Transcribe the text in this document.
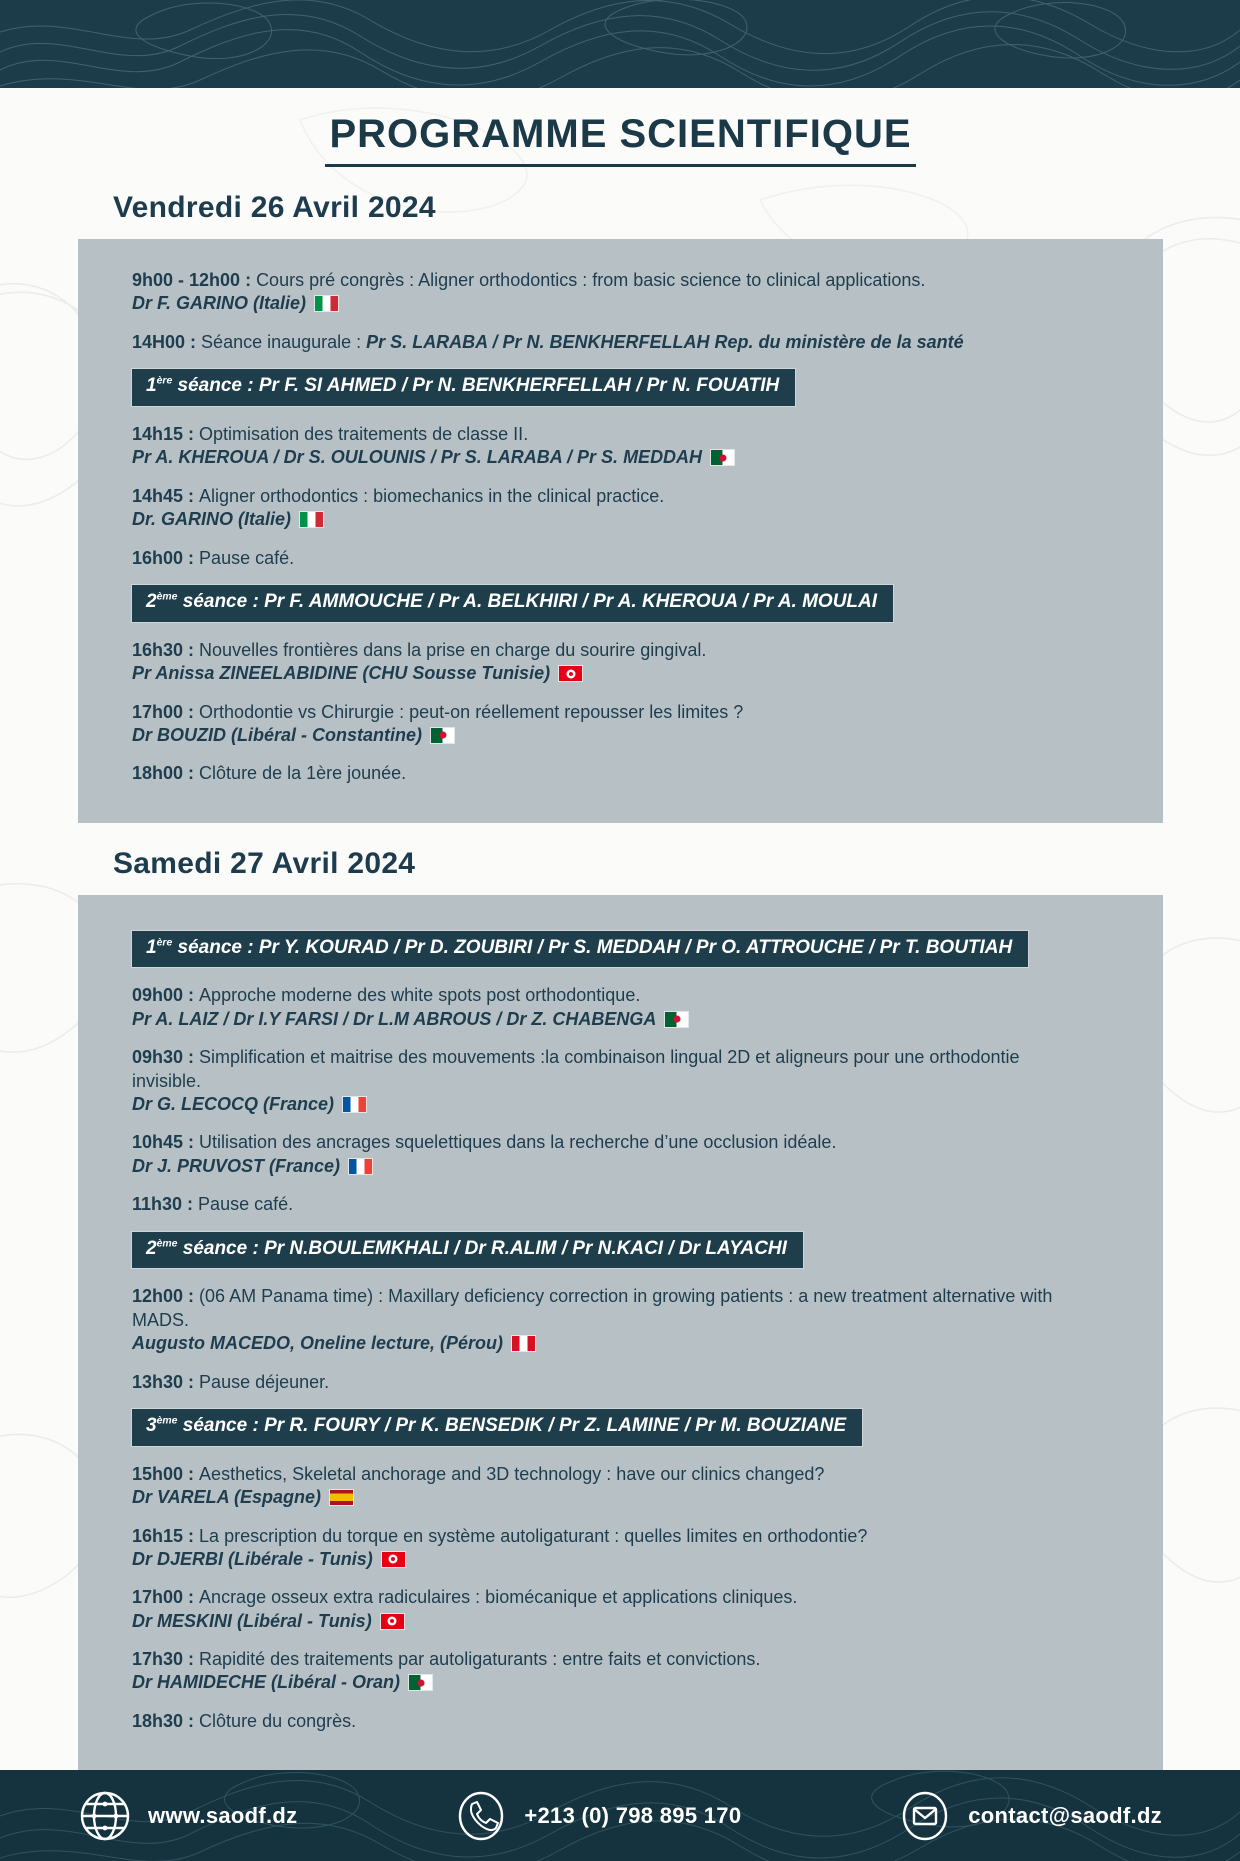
PROGRAMME SCIENTIFIQUE
Vendredi 26 Avril 2024

9h00 - 12h00 : Cours pré congrès : Aligner orthodontics : from basic science to clinical applications.

Dr F. GARINO (Italie)

14H00 : Séance inaugurale : Pr S. LARABA / Pr N. BENKHERFELLAH Rep. du ministère de la santé

1ère séance : Pr F. SI AHMED / Pr N. BENKHERFELLAH / Pr N. FOUATIH

14h15 : Optimisation des traitements de classe II.

Pr A. KHEROUA / Dr S. OULOUNIS / Pr S. LARABA / Pr S. MEDDAH

14h45 : Aligner orthodontics : biomechanics in the clinical practice.

Dr. GARINO (Italie)

16h00 : Pause café.

2ème séance : Pr F. AMMOUCHE / Pr A. BELKHIRI / Pr A. KHEROUA / Pr A. MOULAI

16h30 : Nouvelles frontières dans la prise en charge du sourire gingival.

Pr Anissa ZINEELABIDINE (CHU Sousse Tunisie)

17h00 : Orthodontie vs Chirurgie : peut-on réellement repousser les limites ?

Dr BOUZID (Libéral - Constantine)

18h00 : Clôture de la 1ère jounée.

Samedi 27 Avril 2024
1ère séance : Pr Y. KOURAD / Pr D. ZOUBIRI / Pr S. MEDDAH / Pr O. ATTROUCHE / Pr T. BOUTIAH

09h00 : Approche moderne des white spots post orthodontique.

Pr A. LAIZ / Dr I.Y FARSI / Dr L.M ABROUS / Dr Z. CHABENGA

09h30 : Simplification et maitrise des mouvements :la combinaison lingual 2D et aligneurs pour une orthodontie invisible.

Dr G. LECOCQ (France)

10h45 : Utilisation des ancrages squelettiques dans la recherche d’une occlusion idéale.

Dr J. PRUVOST (France)

11h30 : Pause café.

2ème séance : Pr N.BOULEMKHALI / Dr R.ALIM / Pr N.KACI / Dr LAYACHI

12h00 : (06 AM Panama time) : Maxillary deficiency correction in growing patients : a new treatment alternative with MADS.

Augusto MACEDO, Oneline lecture, (Pérou)

13h30 : Pause déjeuner.

3ème séance : Pr R. FOURY / Pr K. BENSEDIK / Pr Z. LAMINE / Pr M. BOUZIANE

15h00 : Aesthetics, Skeletal anchorage and 3D technology : have our clinics changed?

Dr VARELA (Espagne)

16h15 : La prescription du torque en système autoligaturant : quelles limites en orthodontie?

Dr DJERBI (Libérale - Tunis)

17h00 : Ancrage osseux extra radiculaires : biomécanique et applications cliniques.

Dr MESKINI (Libéral - Tunis)

17h30 : Rapidité des traitements par autoligaturants : entre faits et convictions.

Dr HAMIDECHE (Libéral - Oran)

18h30 : Clôture du congrès.

www.saodf.dz	+213 (0) 798 895 170	contact@saodf.dz
